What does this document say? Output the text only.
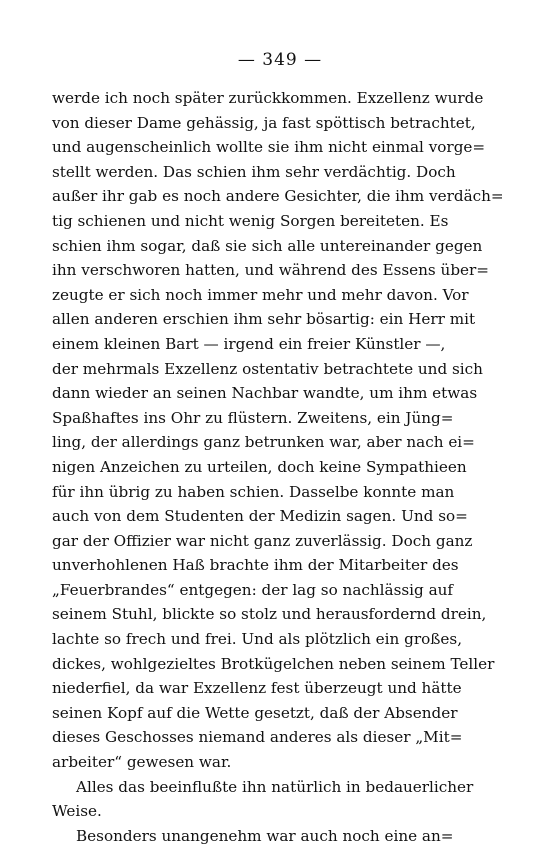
— 349 —
werde ich noch später zurückkommen. Exzellenz wurde
von dieser Dame gehässig, ja fast spöttisch betrachtet,
und augenscheinlich wollte sie ihm nicht einmal vorge=
stellt werden. Das schien ihm sehr verdächtig. Doch
außer ihr gab es noch andere Gesichter, die ihm verdäch=
tig schienen und nicht wenig Sorgen bereiteten. Es
schien ihm sogar, daß sie sich alle untereinander gegen
ihn verschworen hatten, und während des Essens über=
zeugte er sich noch immer mehr und mehr davon. Vor
allen anderen erschien ihm sehr bösartig: ein Herr mit
einem kleinen Bart — irgend ein freier Künstler —,
der mehrmals Exzellenz ostentativ betrachtete und sich
dann wieder an seinen Nachbar wandte, um ihm etwas
Spaßhaftes ins Ohr zu flüstern. Zweitens, ein Jüng=
ling, der allerdings ganz betrunken war, aber nach ei=
nigen Anzeichen zu urteilen, doch keine Sympathieen
für ihn übrig zu haben schien. Dasselbe konnte man
auch von dem Studenten der Medizin sagen. Und so=
gar der Offizier war nicht ganz zuverlässig. Doch ganz
unverhohlenen Haß brachte ihm der Mitarbeiter des
„Feuerbrandes“ entgegen: der lag so nachlässig auf
seinem Stuhl, blickte so stolz und herausfordernd drein,
lachte so frech und frei. Und als plötzlich ein großes,
dickes, wohlgezieltes Brotkügelchen neben seinem Teller
niederfiel, da war Exzellenz fest überzeugt und hätte
seinen Kopf auf die Wette gesetzt, daß der Absender
dieses Geschosses niemand anderes als dieser „Mit=
arbeiter“ gewesen war.
Alles das beeinflußte ihn natürlich in bedauerlicher
Weise.
Besonders unangenehm war auch noch eine an=
